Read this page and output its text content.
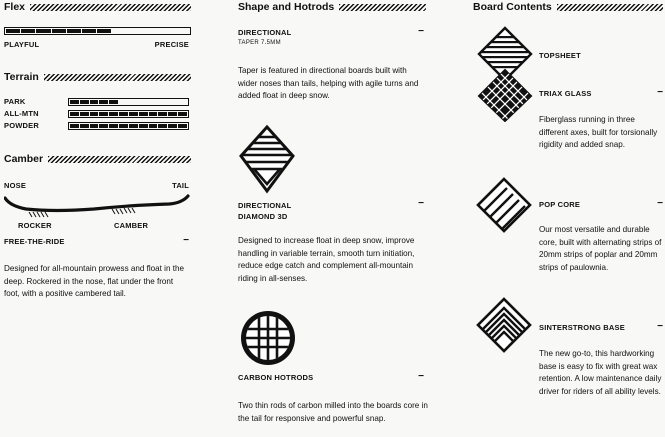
Flex
PLAYFUL	PRECISE
Terrain
PARK
ALL-MTN
POWDER
Camber
NOSE	TAIL
ROCKER	CAMBER
FREE-THE-RIDE	−
Designed for all-mountain prowess and float in the deep. Rockered in the nose, flat under the front foot, with a positive cambered tail.
Shape and Hotrods
DIRECTIONAL
TAPER 7.5MM
−
Taper is featured in directional boards built with wider noses than tails, helping with agile turns and added float in deep snow.
DIRECTIONAL DIAMOND 3D
−
Designed to increase float in deep snow, improve handling in variable terrain, smooth turn initiation, reduce edge catch and complement all-mountain riding in all-senses.
CARBON HOTRODS	−
Two thin rods of carbon milled into the boards core in the tail for responsive and powerful snap.
Board Contents
TOPSHEET
TRIAX GLASS	−
Fiberglass running in three different axes, built for torsionally rigidity and added snap.
POP CORE	−
Our most versatile and durable core, built with alternating strips of 20mm strips of poplar and 20mm strips of paulownia.
SINTERSTRONG BASE	−
The new go-to, this hardworking base is easy to fix with great wax retention. A low maintenance daily driver for riders of all ability levels.
